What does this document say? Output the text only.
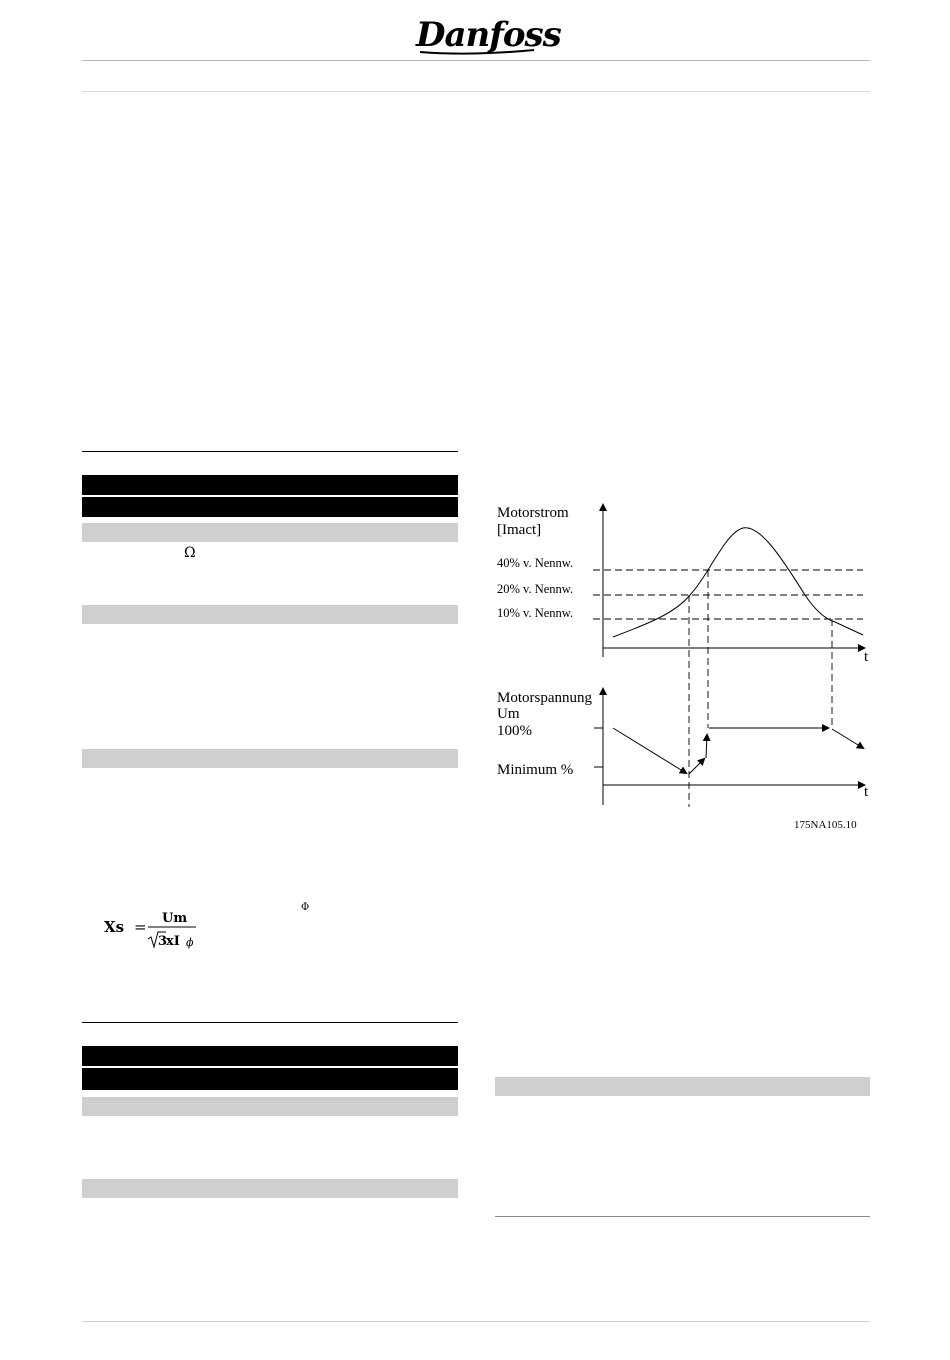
Danfoss
Ω
Φ
Xs = Um
3
xI ϕ
Motorstrom
[Imact]
t
40% v. Nennw.
20% v. Nennw.
10% v. Nennw.
Motorspannung
Um
100%
Minimum %
t
175NA105.10
